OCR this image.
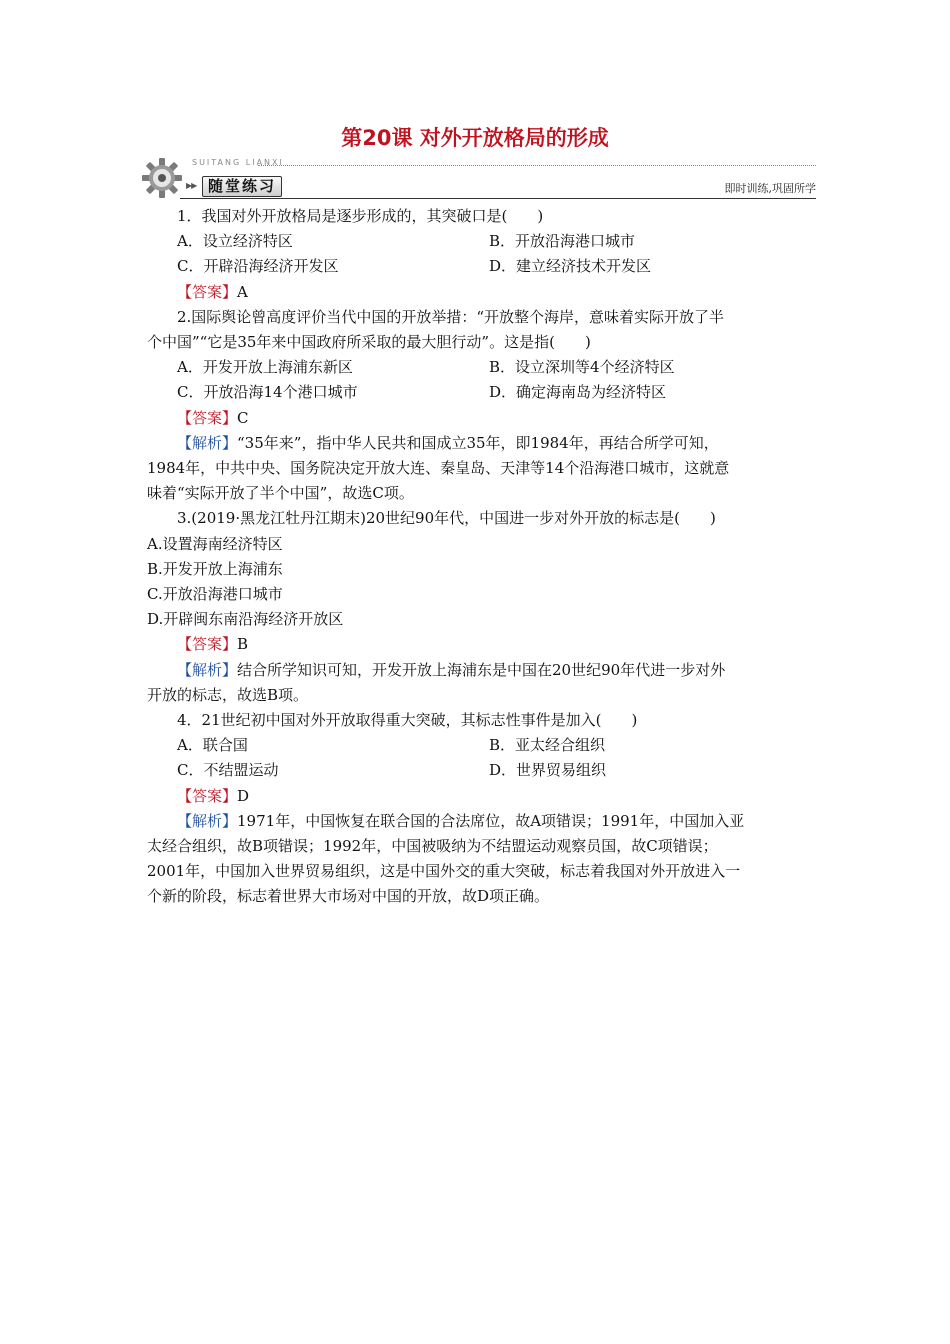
第20课 对外开放格局的形成
SUITANG LIANXI
▶▶ 随堂练习	即时训练,巩固所学

1．我国对外开放格局是逐步形成的，其突破口是(　　)

A．设立经济特区	B．开放沿海港口城市
C．开辟沿海经济开发区	D．建立经济技术开发区

【答案】A

2.国际舆论曾高度评价当代中国的开放举措：“开放整个海岸，意味着实际开放了半

个中国”“它是35年来中国政府所采取的最大胆行动”。这是指(　　)

A．开发开放上海浦东新区	B．设立深圳等4个经济特区
C．开放沿海14个港口城市	D．确定海南岛为经济特区

【答案】C

【解析】“35年来”，指中华人民共和国成立35年，即1984年，再结合所学可知，

1984年，中共中央、国务院决定开放大连、秦皇岛、天津等14个沿海港口城市，这就意

味着“实际开放了半个中国”，故选C项。

3.(2019·黑龙江牡丹江期末)20世纪90年代，中国进一步对外开放的标志是(　　)

A.设置海南经济特区

B.开发开放上海浦东

C.开放沿海港口城市

D.开辟闽东南沿海经济开放区

【答案】B

【解析】结合所学知识可知，开发开放上海浦东是中国在20世纪90年代进一步对外

开放的标志，故选B项。

4．21世纪初中国对外开放取得重大突破，其标志性事件是加入(　　)

A．联合国	B．亚太经合组织
C．不结盟运动	D．世界贸易组织

【答案】D

【解析】1971年，中国恢复在联合国的合法席位，故A项错误；1991年，中国加入亚

太经合组织，故B项错误；1992年，中国被吸纳为不结盟运动观察员国，故C项错误；

2001年，中国加入世界贸易组织，这是中国外交的重大突破，标志着我国对外开放进入一

个新的阶段，标志着世界大市场对中国的开放，故D项正确。
